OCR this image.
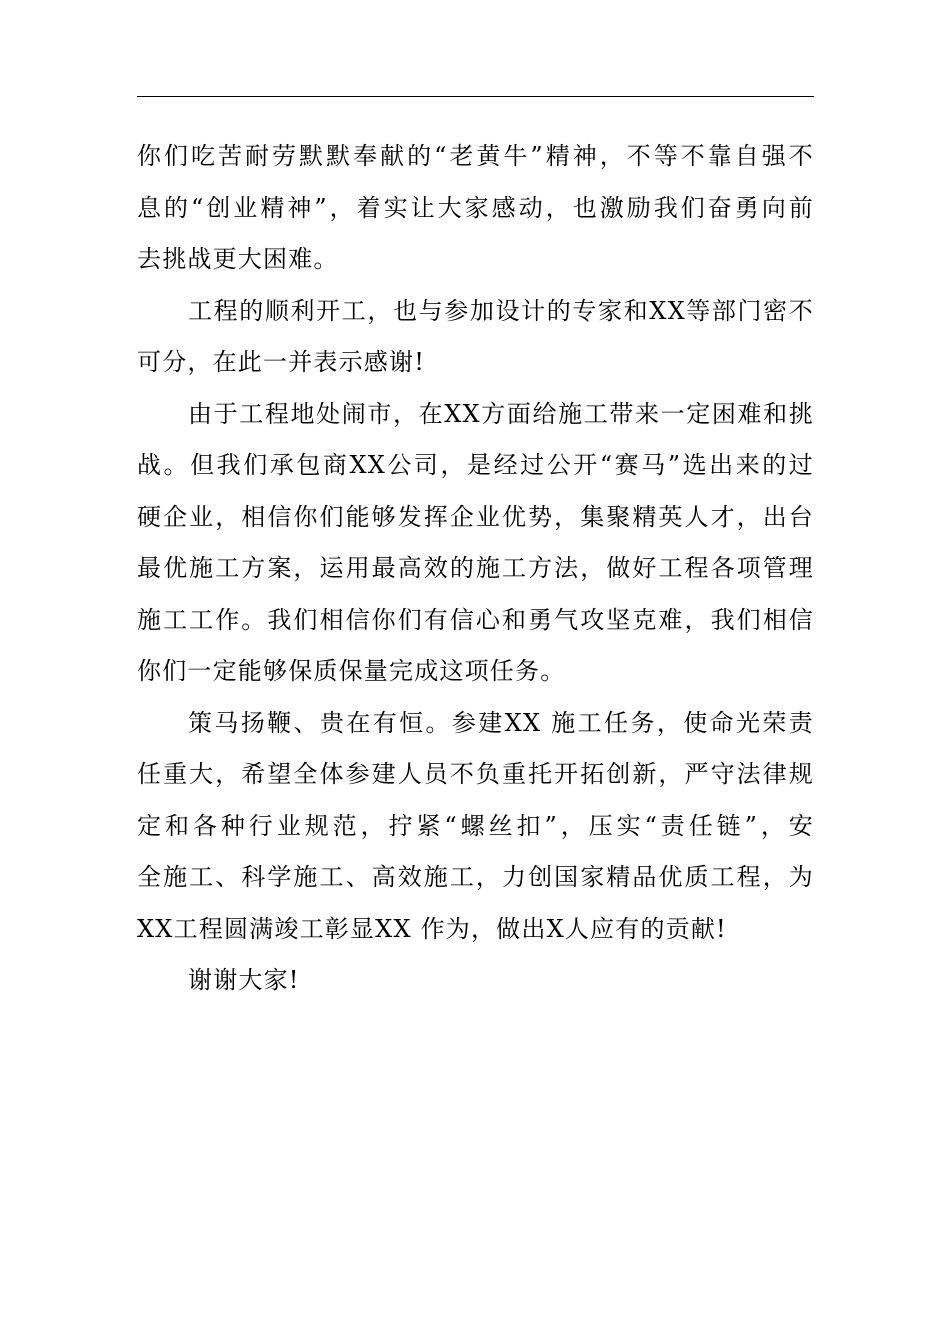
你们吃苦耐劳默默奉献的“老黄牛”精神，不等不靠自强不
息的“创业精神”，着实让大家感动，也激励我们奋勇向前
去挑战更大困难。
工程的顺利开工，也与参加设计的专家和XX等部门密不
可分，在此一并表示感谢!
由于工程地处闹市，在XX方面给施工带来一定困难和挑
战。但我们承包商XX公司，是经过公开“赛马”选出来的过
硬企业，相信你们能够发挥企业优势，集聚精英人才，出台
最优施工方案，运用最高效的施工方法，做好工程各项管理
施工工作。我们相信你们有信心和勇气攻坚克难，我们相信
你们一定能够保质保量完成这项任务。
策马扬鞭、贵在有恒。参建XX 施工任务，使命光荣责
任重大，希望全体参建人员不负重托开拓创新，严守法律规
定和各种行业规范，拧紧“螺丝扣”，压实“责任链”，安
全施工、科学施工、高效施工，力创国家精品优质工程，为
XX工程圆满竣工彰显XX 作为，做出X人应有的贡献!
谢谢大家!
